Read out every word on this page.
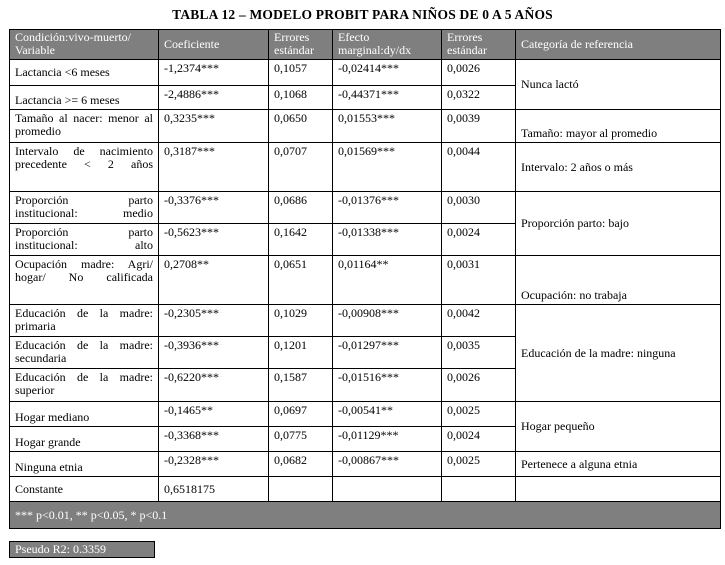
TABLA 12 – MODELO PROBIT PARA NIÑOS DE 0 A 5 AÑOS
Condición:vivo-muerto/ Variable	Coeficiente	Errores estándar	Efecto marginal:dy/dx	Errores estándar	Categoría de referencia
Lactancia <6 meses	-1,2374***	0,1057	-0,02414***	0,0026	Nunca lactó
Lactancia >= 6 meses	-2,4886***	0,1068	-0,44371***	0,0322	
Tamaño al nacer: menor al promedio	0,3235***	0,0650	0,01553***	0,0039	Tamaño: mayor al promedio
Intervalo de nacimiento precedente < 2 años	0,3187***	0,0707	0,01569***	0,0044	Intervalo: 2 años o más
Proporción parto institucional: medio	-0,3376***	0,0686	-0,01376***	0,0030	Proporción parto: bajo
Proporción parto institucional: alto	-0,5623***	0,1642	-0,01338***	0,0024	
Ocupación madre: Agri/ hogar/ No calificada	0,2708**	0,0651	0,01164**	0,0031	Ocupación: no trabaja
Educación de la madre: primaria	-0,2305***	0,1029	-0,00908***	0,0042	Educación de la madre: ninguna
Educación de la madre: secundaria	-0,3936***	0,1201	-0,01297***	0,0035	
Educación de la madre: superior	-0,6220***	0,1587	-0,01516***	0,0026	
Hogar mediano	-0,1465**	0,0697	-0,00541**	0,0025	Hogar pequeño
Hogar grande	-0,3368***	0,0775	-0,01129***	0,0024	
Ninguna etnia	-0,2328***	0,0682	-0,00867***	0,0025	Pertenece a alguna etnia
Constante	0,6518175				
*** p<0.01, ** p<0.05, * p<0.1					
Pseudo R2: 0.3359
